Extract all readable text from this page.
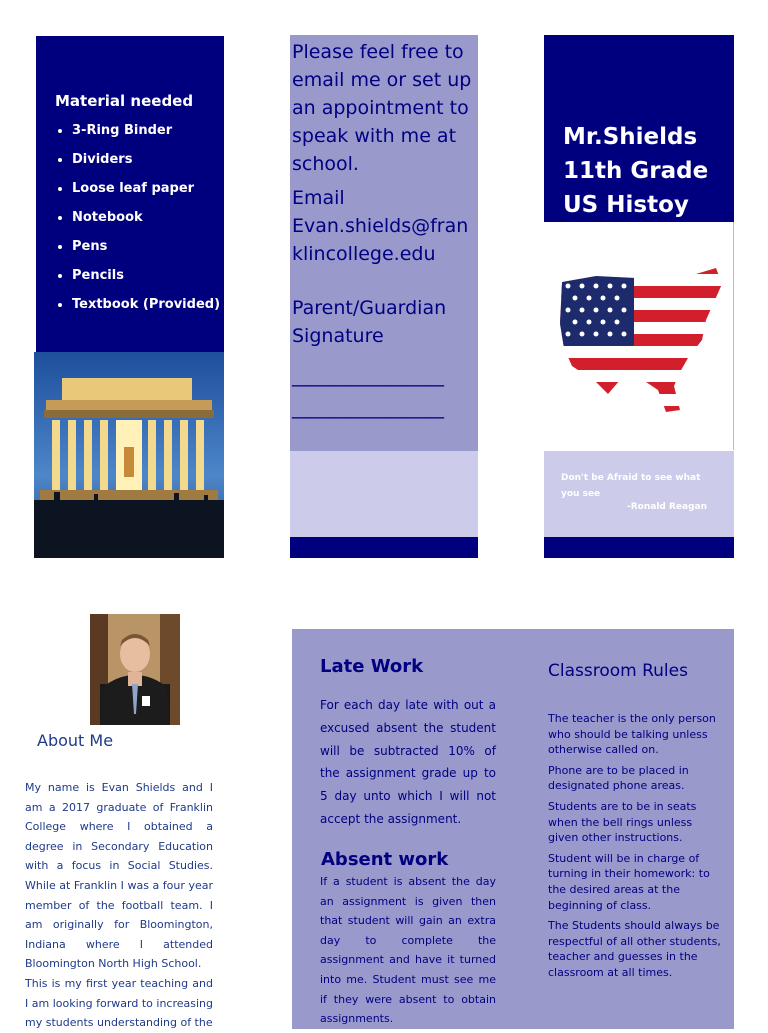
Material needed
• 3-Ring Binder
• Dividers
• Loose leaf paper
• Notebook
• Pens
• Pencils
• Textbook (Provided)
Please feel free to email me or set up an appointment to speak with me at school.
Email
Evan.shields@franklincollege.edu
Parent/Guardian Signature
________________
________________
Mr.Shields 11th Grade US Histoy
Don't be Afraid to see what you see
-Ronald Reagan
About Me

My name is Evan Shields and I am a 2017 graduate of Franklin College where I obtained a degree in Secondary Education with a focus in Social Studies. While at Franklin I was a four year member of the football team. I am originally for Bloomington, Indiana where I attended Bloomington North High School.

This is my first year teaching and I am looking forward to increasing my students understanding of the

Late Work
For each day late with out a excused absent the student will be subtracted 10% of the assignment grade up to 5 day unto which I will not accept the assignment.
Absent work
If a student is absent the day an assignment is given then that student will gain an extra day to complete the assignment and have it turned into me. Student must see me if they were absent to obtain assignments.
Classroom Rules

The teacher is the only person who should be talking unless otherwise called on.

Phone are to be placed in designated phone areas.

Students are to be in seats when the bell rings unless given other instructions.

Student will be in charge of turning in their homework: to the desired areas at the beginning of class.

The Students should always be respectful of all other students, teacher and guesses in the classroom at all times.
